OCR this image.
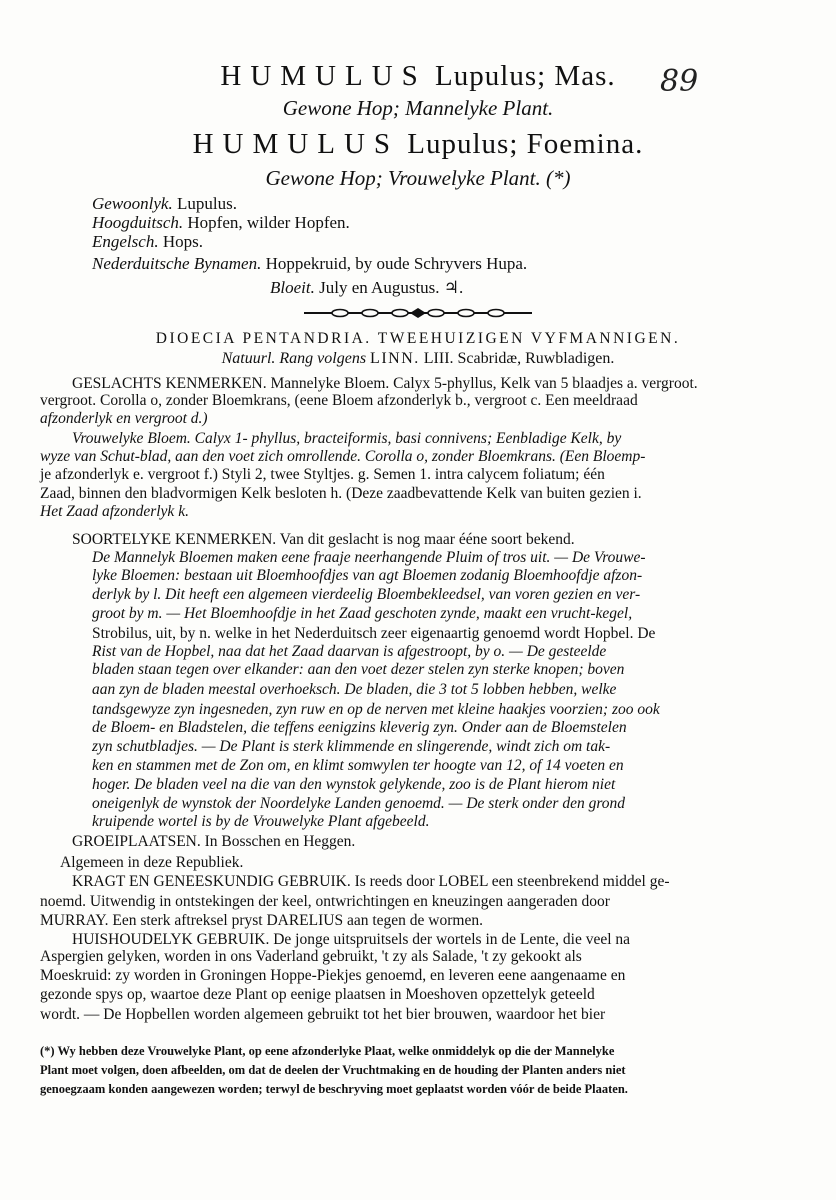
89
HUMULUS Lupulus; Mas.
Gewone Hop; Mannelyke Plant.
HUMULUS Lupulus; Foemina.
Gewone Hop; Vrouwelyke Plant. (*)
Gewoonlyk. Lupulus.
Hoogduitsch. Hopfen, wilder Hopfen.
Engelsch. Hops.
Nederduitsche Bynamen. Hoppekruid, by oude Schryvers Hupa.
Bloeit. July en Augustus. ♃.
DIOECIA PENTANDRIA. TWEEHUIZIGEN VYFMANNIGEN.
Natuurl. Rang volgens LINN. LIII. Scabridæ, Ruwbladigen.
GESLACHTS KENMERKEN. Mannelyke Bloem. Calyx 5-phyllus, Kelk van 5 blaadjes a. vergroot.
vergroot. Corolla o, zonder Bloemkrans, (eene Bloem afzonderlyk b., vergroot c. Een meeldraad
afzonderlyk en vergroot d.)
Vrouwelyke Bloem. Calyx 1- phyllus, bracteiformis, basi connivens; Eenbladige Kelk, by
wyze van Schut-blad, aan den voet zich omrollende. Corolla o, zonder Bloemkrans. (Een Bloemp-
je afzonderlyk e. vergroot f.) Styli 2, twee Styltjes. g. Semen 1. intra calycem foliatum; één
Zaad, binnen den bladvormigen Kelk besloten h. (Deze zaadbevattende Kelk van buiten gezien i.
Het Zaad afzonderlyk k.
SOORTELYKE KENMERKEN. Van dit geslacht is nog maar ééne soort bekend.
De Mannelyk Bloemen maken eene fraaje neerhangende Pluim of tros uit. — De Vrouwe-
lyke Bloemen: bestaan uit Bloemhoofdjes van agt Bloemen zodanig Bloemhoofdje afzon-
derlyk by l. Dit heeft een algemeen vierdeelig Bloembekleedsel, van voren gezien en ver-
groot by m. — Het Bloemhoofdje in het Zaad geschoten zynde, maakt een vrucht-kegel,
Strobilus, uit, by n. welke in het Nederduitsch zeer eigenaartig genoemd wordt Hopbel. De
Rist van de Hopbel, naa dat het Zaad daarvan is afgestroopt, by o. — De gesteelde
bladen staan tegen over elkander: aan den voet dezer stelen zyn sterke knopen; boven
aan zyn de bladen meestal overhoeksch. De bladen, die 3 tot 5 lobben hebben, welke
tandsgewyze zyn ingesneden, zyn ruw en op de nerven met kleine haakjes voorzien; zoo ook
de Bloem- en Bladstelen, die teffens eenigzins kleverig zyn. Onder aan de Bloemstelen
zyn schutbladjes. — De Plant is sterk klimmende en slingerende, windt zich om tak-
ken en stammen met de Zon om, en klimt somwylen ter hoogte van 12, of 14 voeten en
hoger. De bladen veel na die van den wynstok gelykende, zoo is de Plant hierom niet
oneigenlyk de wynstok der Noordelyke Landen genoemd. — De sterk onder den grond
kruipende wortel is by de Vrouwelyke Plant afgebeeld.
GROEIPLAATSEN. In Bosschen en Heggen.
Algemeen in deze Republiek.
KRAGT EN GENEESKUNDIG GEBRUIK. Is reeds door LOBEL een steenbrekend middel ge-
noemd. Uitwendig in ontstekingen der keel, ontwrichtingen en kneuzingen aangeraden door
MURRAY. Een sterk aftreksel pryst DARELIUS aan tegen de wormen.
HUISHOUDELYK GEBRUIK. De jonge uitspruitsels der wortels in de Lente, die veel na
Aspergien gelyken, worden in ons Vaderland gebruikt, 't zy als Salade, 't zy gekookt als
Moeskruid: zy worden in Groningen Hoppe-Piekjes genoemd, en leveren eene aangenaame en
gezonde spys op, waartoe deze Plant op eenige plaatsen in Moeshoven opzettelyk geteeld
wordt. — De Hopbellen worden algemeen gebruikt tot het bier brouwen, waardoor het bier
(*) Wy hebben deze Vrouwelyke Plant, op eene afzonderlyke Plaat, welke onmiddelyk op die der Mannelyke
Plant moet volgen, doen afbeelden, om dat de deelen der Vruchtmaking en de houding der Planten anders niet
genoegzaam konden aangewezen worden; terwyl de beschryving moet geplaatst worden vóór de beide Plaaten.
